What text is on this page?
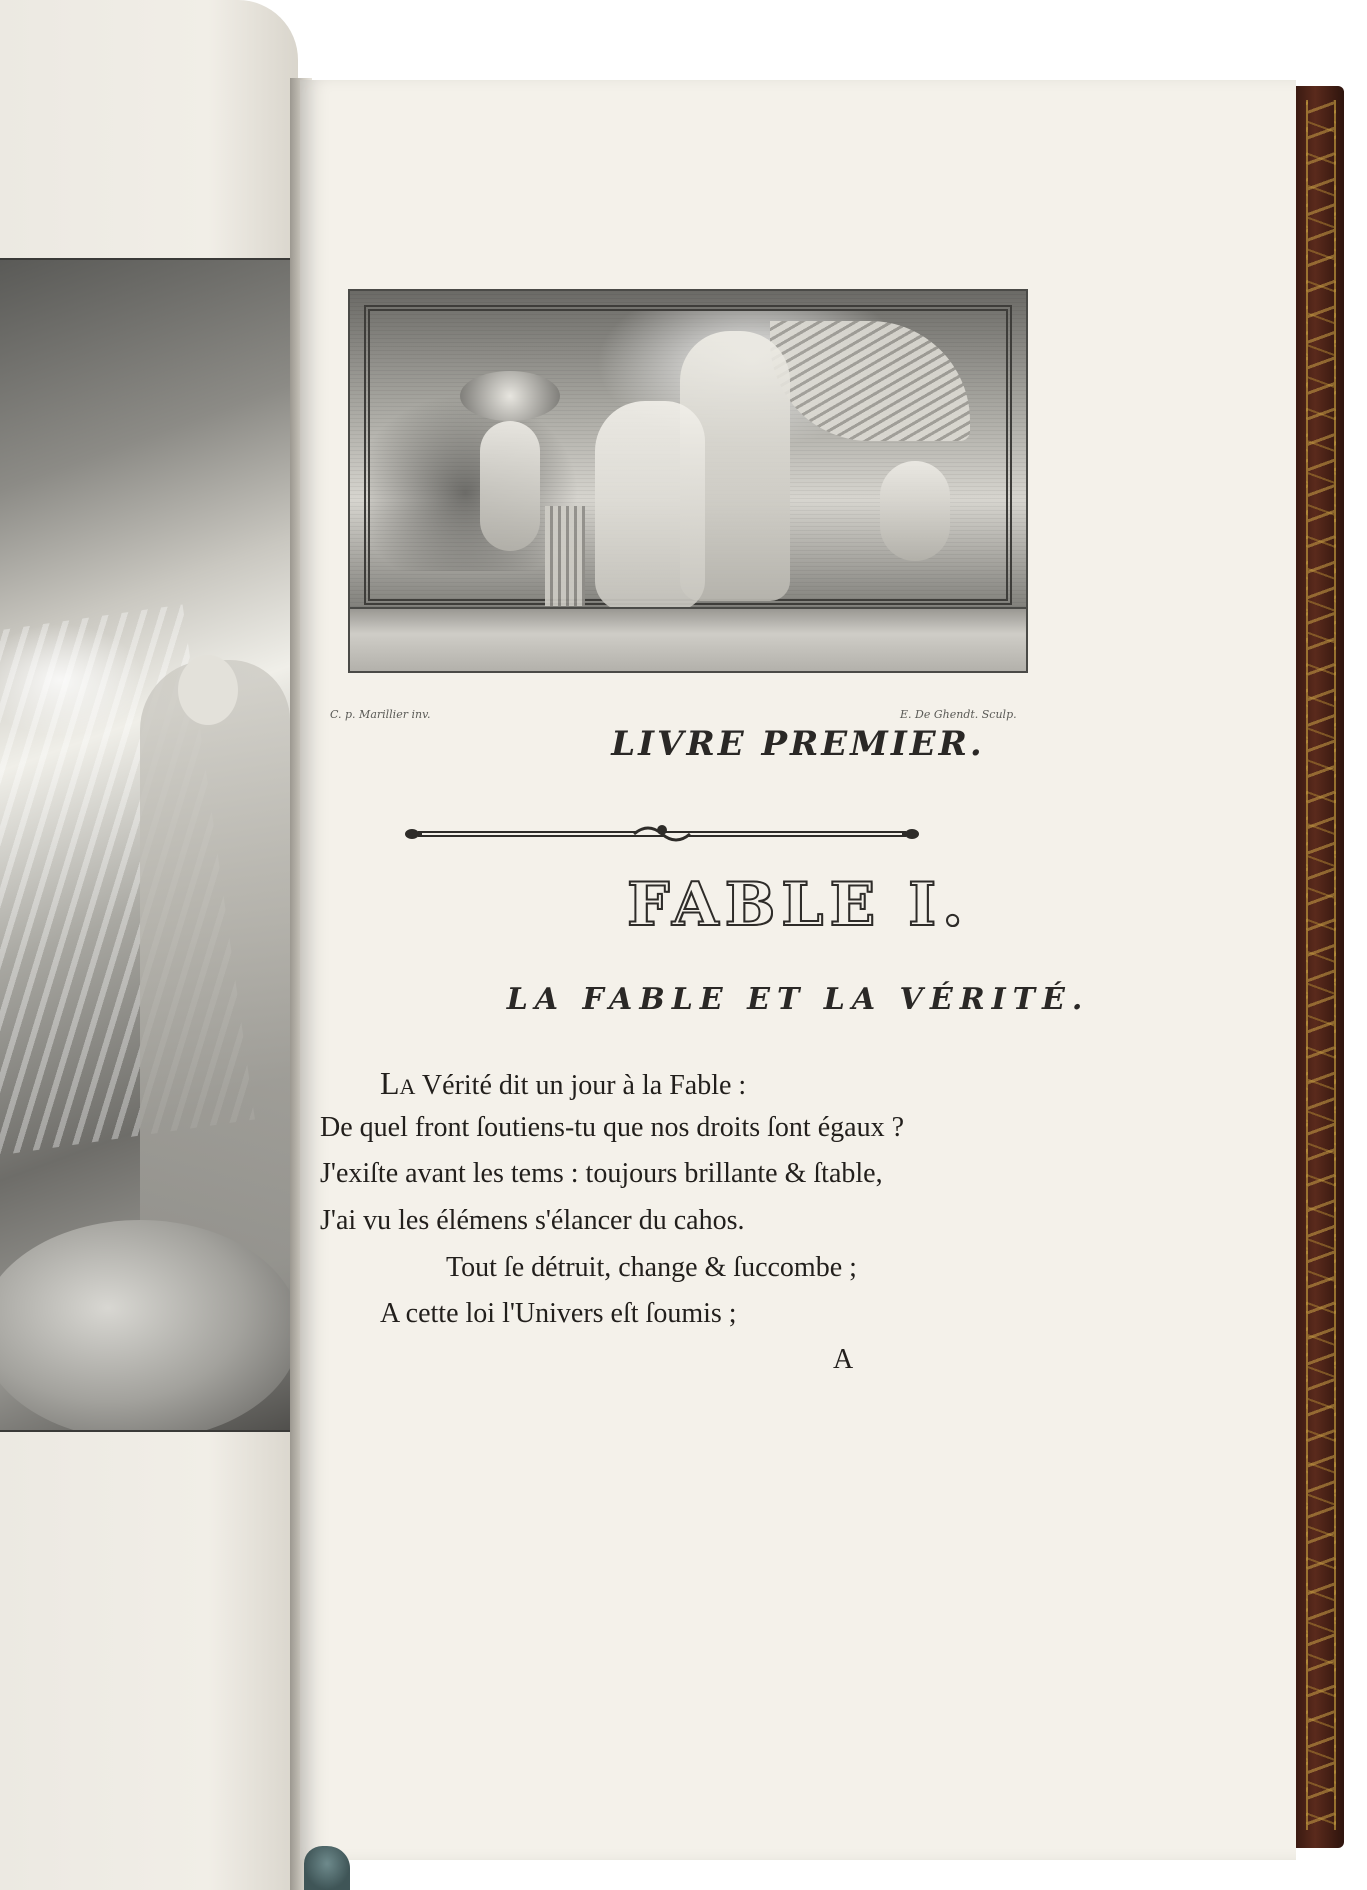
C. p. Marillier inv.	E. De Ghendt. Sculp.
LIVRE PREMIER.
FABLE I.
LA FABLE ET LA VÉRITÉ.
LA Vérité dit un jour à la Fable :
De quel front ſoutiens-tu que nos droits ſont égaux ?
J'exiſte avant les tems : toujours brillante & ſtable,
J'ai vu les élémens s'élancer du cahos.
Tout ſe détruit, change & ſuccombe ;
A cette loi l'Univers eſt ſoumis ;
A
